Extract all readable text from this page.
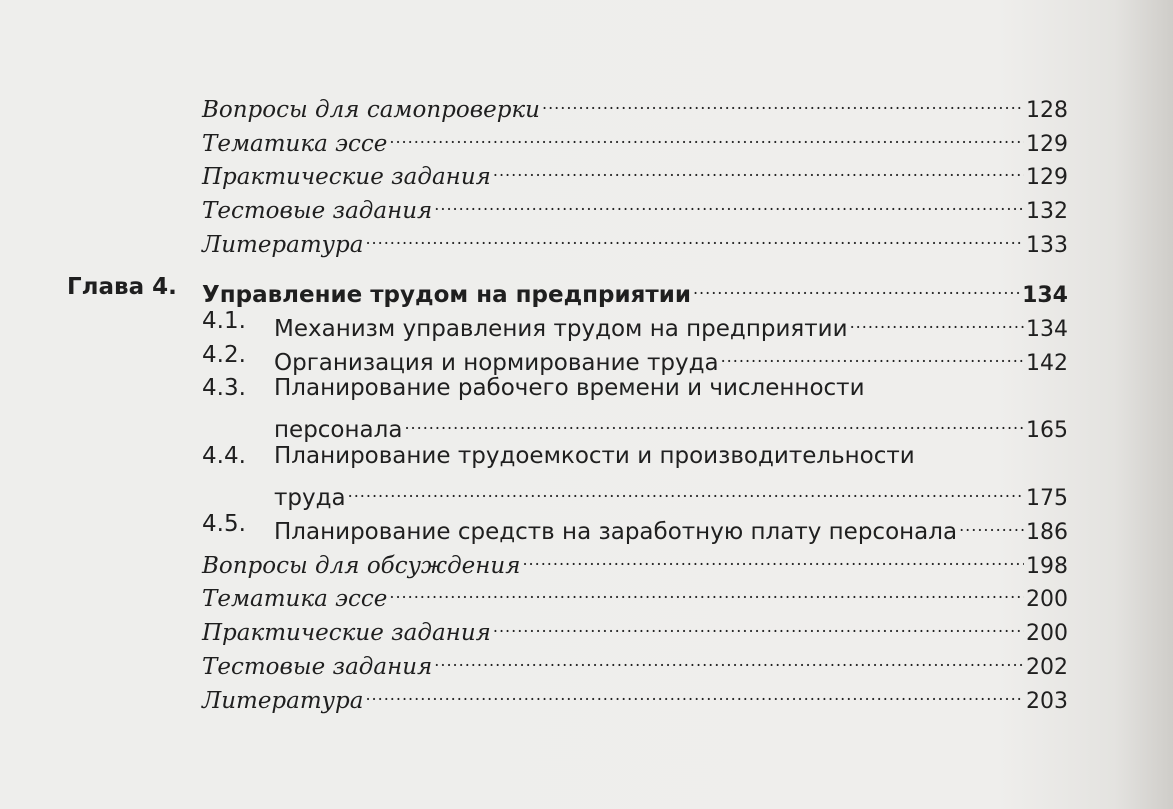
Вопросы для самопроверки .....	128
Тематика эссе .....	129
Практические задания .....	129
Тестовые задания .....	132
Литература .....	133
Глава 4. Управление трудом на предприятии .....	134
4.1. Механизм управления трудом на предприятии .....	134
4.2. Организация и нормирование труда .....	142
4.3. Планирование рабочего времени и численности
персонала .....	165
4.4. Планирование трудоемкости и производительности
труда .....	175
4.5. Планирование средств на заработную плату персонала .....	186
Вопросы для обсуждения .....	198
Тематика эссе .....	200
Практические задания .....	200
Тестовые задания .....	202
Литература .....	203
